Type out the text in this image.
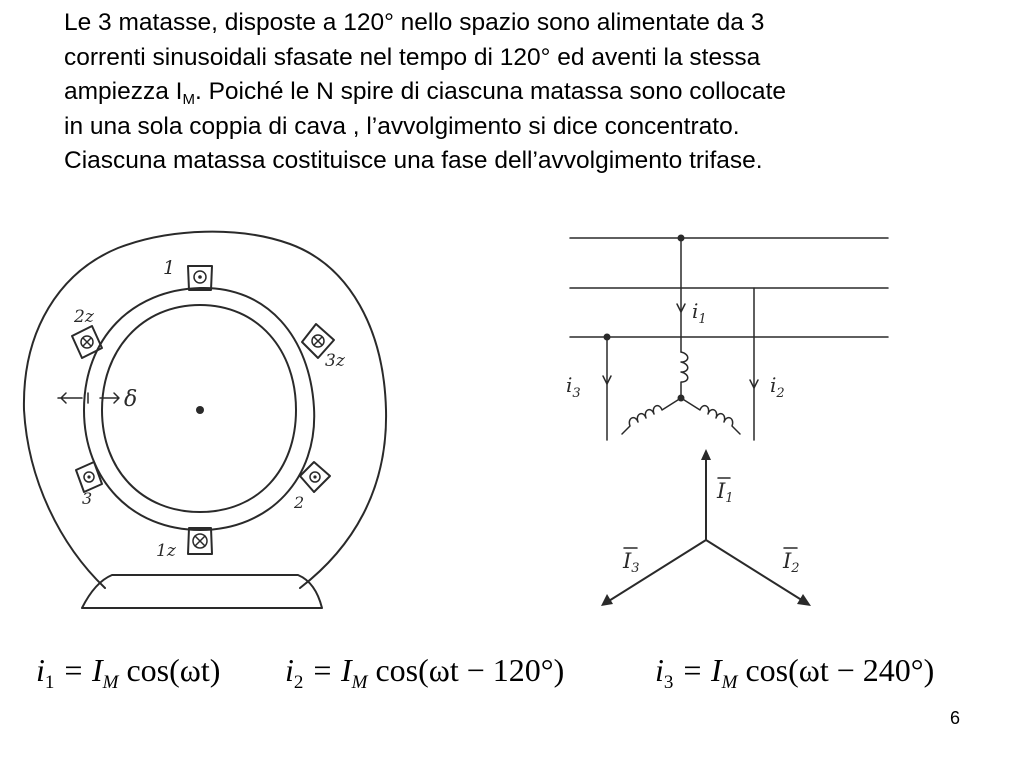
Le 3 matasse, disposte a 120° nello spazio sono alimentate da 3
correnti sinusoidali sfasate nel tempo di 120° ed aventi la stessa
ampiezza $I_M$. Poiché le N spire di ciascuna matassa sono collocate
in una sola coppia di cava , l’avvolgimento si dice concentrato.
Ciascuna matassa costituisce una fase dell’avvolgimento trifase.
1
2z
3z
3	2
1z
δ
$i_1$
$i_2$
$i_3$
I1
I2
I3
$i_1 = I_M$ cos(ωt) $i_2 = I_M$ cos(ωt − 120°)	$i_3 = I_M$ cos(ωt − 240°)
6
